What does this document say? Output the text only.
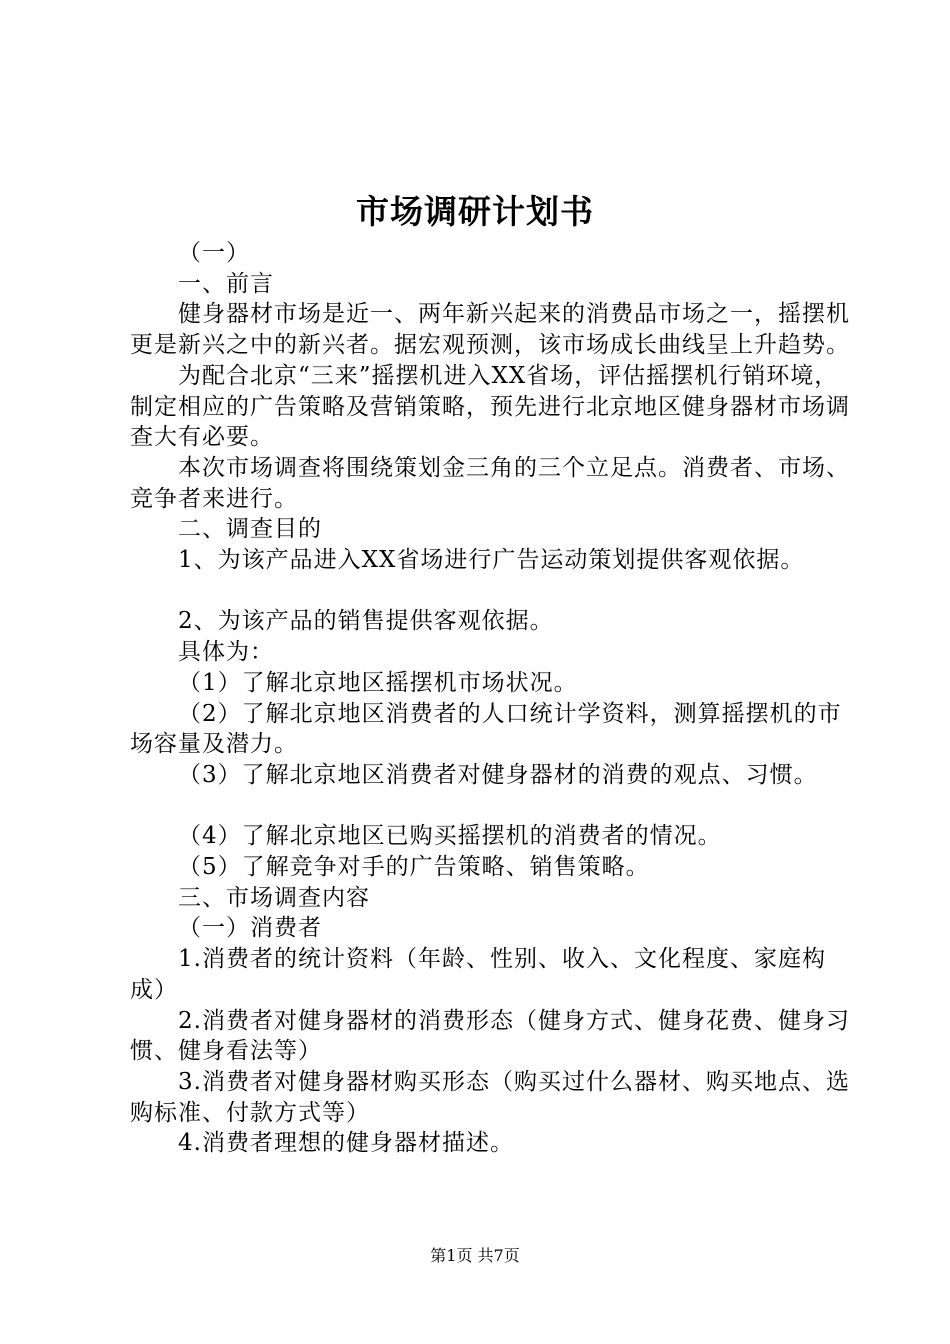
市场调研计划书

（一）

一、前言

健身器材市场是近一、两年新兴起来的消费品市场之一，摇摆机更是新兴之中的新兴者。据宏观预测，该市场成长曲线呈上升趋势。

为配合北京“三来”摇摆机进入XX省场，评估摇摆机行销环境，制定相应的广告策略及营销策略，预先进行北京地区健身器材市场调查大有必要。

本次市场调查将围绕策划金三角的三个立足点。消费者、市场、竞争者来进行。

二、调查目的

1、为该产品进入XX省场进行广告运动策划提供客观依据。

2、为该产品的销售提供客观依据。

具体为：

（1）了解北京地区摇摆机市场状况。

（2）了解北京地区消费者的人口统计学资料，测算摇摆机的市场容量及潜力。

（3）了解北京地区消费者对健身器材的消费的观点、习惯。

（4）了解北京地区已购买摇摆机的消费者的情况。

（5）了解竞争对手的广告策略、销售策略。

三、市场调查内容

（一）消费者

1.消费者的统计资料（年龄、性别、收入、文化程度、家庭构成）

2.消费者对健身器材的消费形态（健身方式、健身花费、健身习惯、健身看法等）

3.消费者对健身器材购买形态（购买过什么器材、购买地点、选购标准、付款方式等）

4.消费者理想的健身器材描述。

第1页 共7页
